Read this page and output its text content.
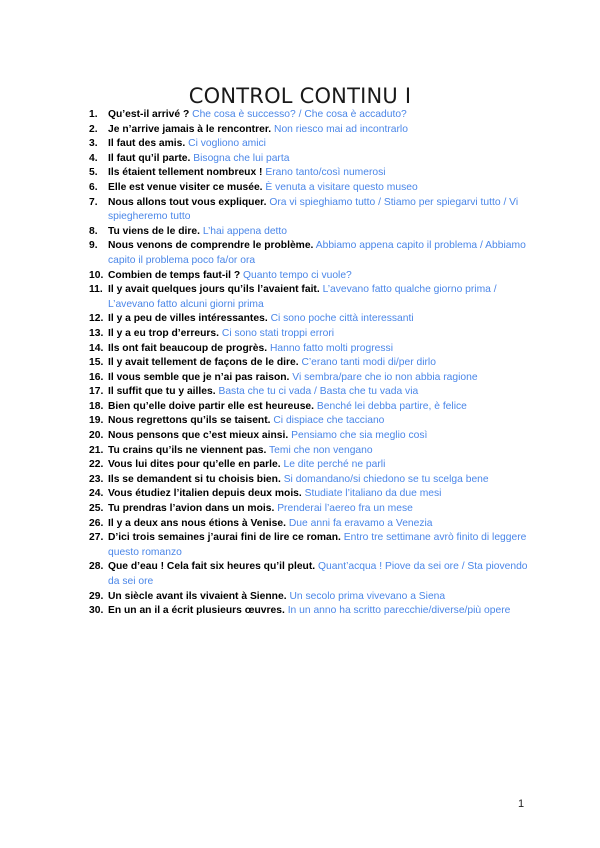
CONTROL CONTINU I
1. Qu’est-il arrivé ? Che cosa è successo? / Che cosa è accaduto?
2. Je n’arrive jamais à le rencontrer. Non riesco mai ad incontrarlo
3. Il faut des amis. Ci vogliono amici
4. Il faut qu’il parte. Bisogna che lui parta
5. Ils étaient tellement nombreux ! Erano tanto/così numerosi
6. Elle est venue visiter ce musée. È venuta a visitare questo museo
7. Nous allons tout vous expliquer. Ora vi spieghiamo tutto / Stiamo per spiegarvi tutto / Vi spiegheremo tutto
8. Tu viens de le dire. L’hai appena detto
9. Nous venons de comprendre le problème. Abbiamo appena capito il problema / Abbiamo capito il problema poco fa/or ora
10. Combien de temps faut-il ? Quanto tempo ci vuole?
11. Il y avait quelques jours qu’ils l’avaient fait. L’avevano fatto qualche giorno prima / L’avevano fatto alcuni giorni prima
12. Il y a peu de villes intéressantes. Ci sono poche città interessanti
13. Il y a eu trop d’erreurs. Ci sono stati troppi errori
14. Ils ont fait beaucoup de progrès. Hanno fatto molti progressi
15. Il y avait tellement de façons de le dire. C’erano tanti modi di/per dirlo
16. Il vous semble que je n’ai pas raison. Vi sembra/pare che io non abbia ragione
17. Il suffit que tu y ailles. Basta che tu ci vada / Basta che tu vada via
18. Bien qu’elle doive partir elle est heureuse. Benché lei debba partire, è felice
19. Nous regrettons qu’ils se taisent. Ci dispiace che tacciano
20. Nous pensons que c’est mieux ainsi. Pensiamo che sia meglio così
21. Tu crains qu’ils ne viennent pas. Temi che non vengano
22. Vous lui dites pour qu’elle en parle. Le dite perché ne parli
23. Ils se demandent si tu choisis bien. Si domandano/si chiedono se tu scelga bene
24. Vous étudiez l’italien depuis deux mois. Studiate l’italiano da due mesi
25. Tu prendras l’avion dans un mois. Prenderai l’aereo fra un mese
26. Il y a deux ans nous étions à Venise. Due anni fa eravamo a Venezia
27. D’ici trois semaines j’aurai fini de lire ce roman. Entro tre settimane avrò finito di leggere questo romanzo
28. Que d’eau ! Cela fait six heures qu’il pleut. Quant’acqua ! Piove da sei ore / Sta piovendo da sei ore
29. Un siècle avant ils vivaient à Sienne. Un secolo prima vivevano a Siena
30. En un an il a écrit plusieurs œuvres. In un anno ha scritto parecchie/diverse/più opere
1
